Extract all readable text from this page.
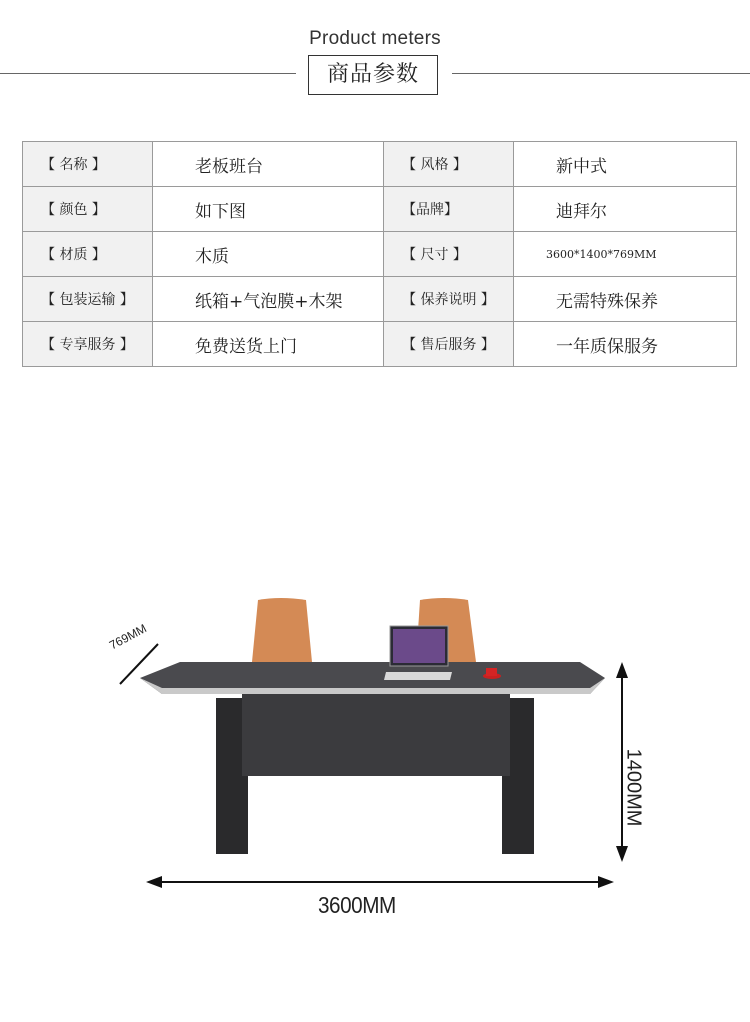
Product meters
商品参数
【 名称 】	老板班台	【 风格 】	新中式
【 颜色 】	如下图	【品牌】	迪拜尔
【 材质 】	木质	【 尺寸 】	3600*1400*769MM
【 包装运输 】	纸箱+气泡膜+木架	【 保养说明 】	无需特殊保养
【 专享服务 】	免费送货上门	【 售后服务 】	一年质保服务
3600MM
1400MM
769MM
